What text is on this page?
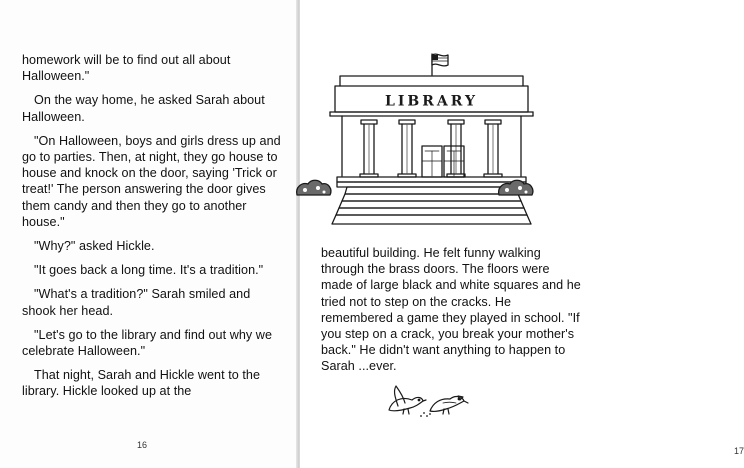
homework will be to find out all about Halloween."

On the way home, he asked Sarah about Halloween.

"On Halloween, boys and girls dress up and go to parties. Then, at night, they go house to house and knock on the door, saying 'Trick or treat!' The person answering the door gives them candy and then they go to another house."

"Why?" asked Hickle.

"It goes back a long time. It's a tradition."

"What's a tradition?" Sarah smiled and shook her head.

"Let's go to the library and find out why we celebrate Halloween."

That night, Sarah and Hickle went to the library. Hickle looked up at the

16
17
LIBRARY

beautiful building. He felt funny walking through the brass doors. The floors were made of large black and white squares and he tried not to step on the cracks. He remembered a game they played in school. "If you step on a crack, you break your mother's back." He didn't want anything to happen to Sarah ...ever.
